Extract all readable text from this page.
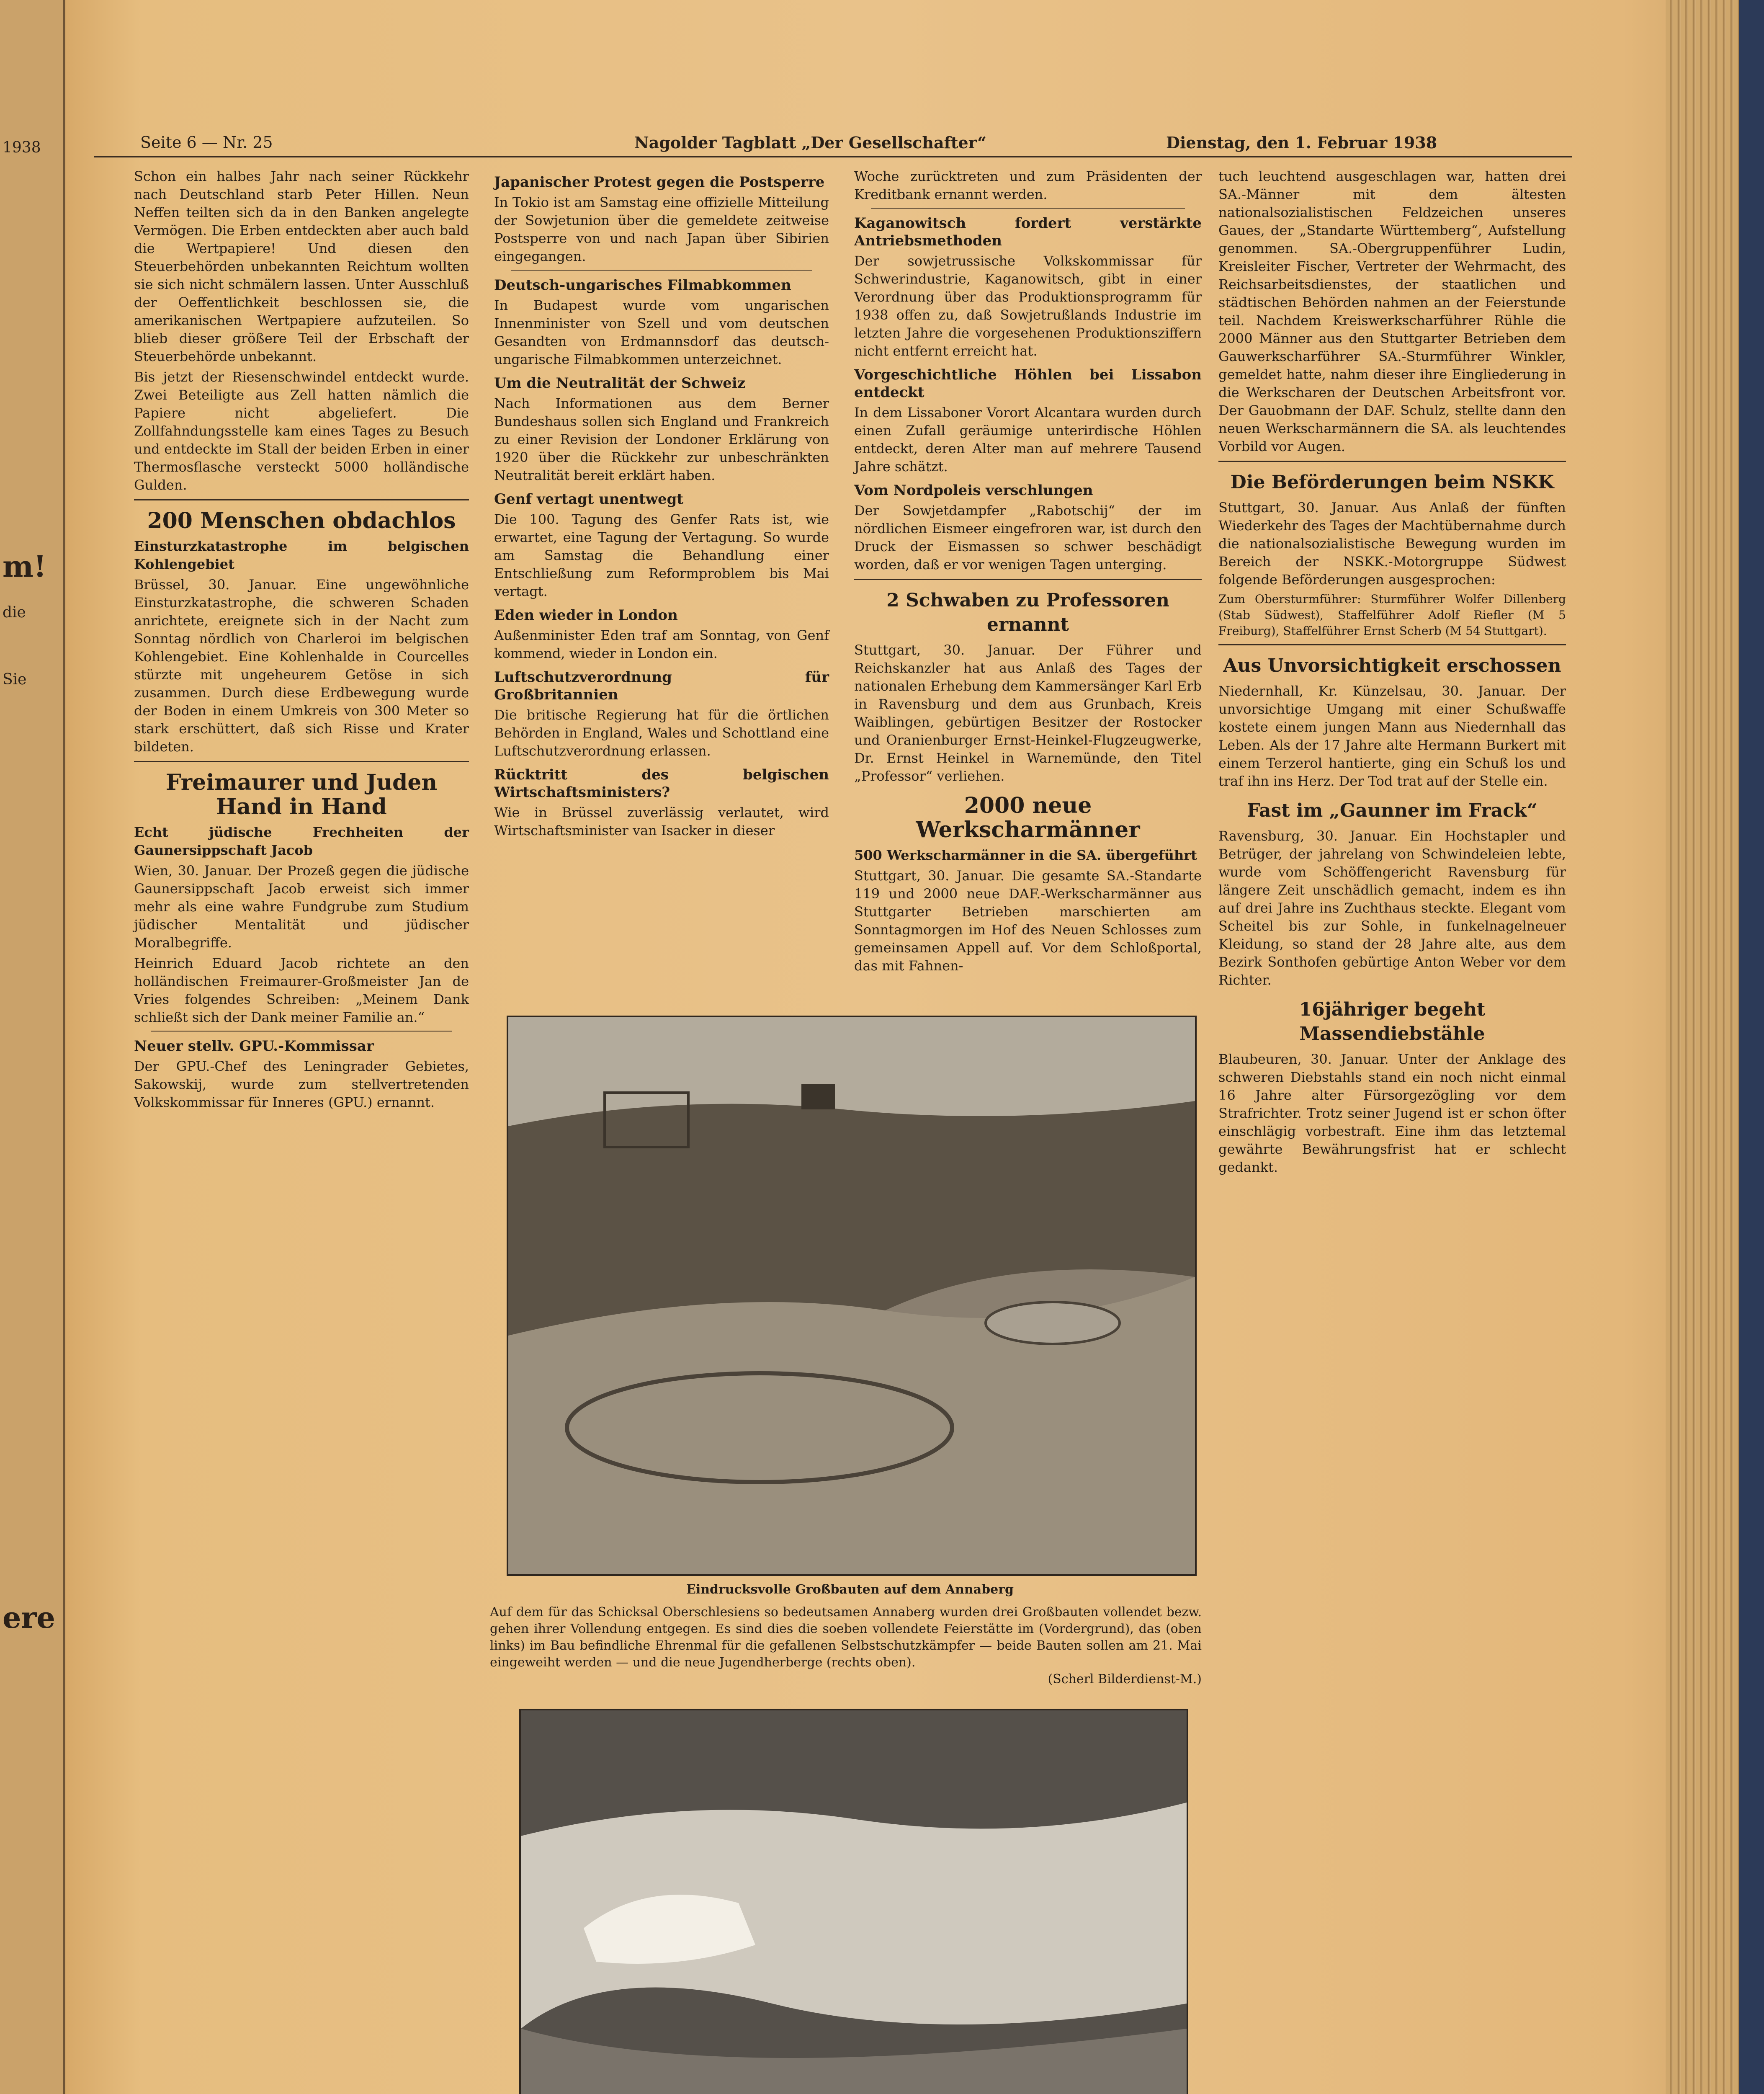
1938
die
Sie
m!
ere
Seite 6 — Nr. 25	Nagolder Tagblatt „Der Gesellschafter“	Dienstag, den 1. Februar 1938

Schon ein halbes Jahr nach seiner Rückkehr nach Deutschland starb Peter Hillen. Neun Neffen teilten sich da in den Banken angelegte Vermögen. Die Erben entdeckten aber auch bald die Wertpapiere! Und diesen den Steuerbehörden unbekannten Reichtum wollten sie sich nicht schmälern lassen. Unter Ausschluß der Oeffentlichkeit beschlossen sie, die amerikanischen Wertpapiere aufzuteilen. So blieb dieser größere Teil der Erbschaft der Steuerbehörde unbekannt.

Bis jetzt der Riesenschwindel entdeckt wurde. Zwei Beteiligte aus Zell hatten nämlich die Papiere nicht abgeliefert. Die Zollfahndungsstelle kam eines Tages zu Besuch und entdeckte im Stall der beiden Erben in einer Thermosflasche versteckt 5000 holländische Gulden.

200 Menschen obdachlos
Einsturzkatastrophe im belgischen Kohlengebiet

Brüssel, 30. Januar. Eine ungewöhnliche Einsturzkatastrophe, die schweren Schaden anrichtete, ereignete sich in der Nacht zum Sonntag nördlich von Charleroi im belgischen Kohlengebiet. Eine Kohlenhalde in Courcelles stürzte mit ungeheurem Getöse in sich zusammen. Durch diese Erdbewegung wurde der Boden in einem Umkreis von 300 Meter so stark erschüttert, daß sich Risse und Krater bildeten.

Freimaurer und Juden Hand in Hand
Echt jüdische Frechheiten der Gaunersippschaft Jacob

Wien, 30. Januar. Der Prozeß gegen die jüdische Gaunersippschaft Jacob erweist sich immer mehr als eine wahre Fundgrube zum Studium jüdischer Mentalität und jüdischer Moralbegriffe.

Heinrich Eduard Jacob richtete an den holländischen Freimaurer-Großmeister Jan de Vries folgendes Schreiben: „Meinem Dank schließt sich der Dank meiner Familie an.“

Neuer stellv. GPU.-Kommissar

Der GPU.-Chef des Leningrader Gebietes, Sakowskij, wurde zum stellvertretenden Volkskommissar für Inneres (GPU.) ernannt.

Japanischer Protest gegen die Postsperre

In Tokio ist am Samstag eine offizielle Mitteilung der Sowjetunion über die gemeldete zeitweise Postsperre von und nach Japan über Sibirien eingegangen.

Deutsch-ungarisches Filmabkommen

In Budapest wurde vom ungarischen Innenminister von Szell und vom deutschen Gesandten von Erdmannsdorf das deutsch-ungarische Filmabkommen unterzeichnet.

Um die Neutralität der Schweiz

Nach Informationen aus dem Berner Bundeshaus sollen sich England und Frankreich zu einer Revision der Londoner Erklärung von 1920 über die Rückkehr zur unbeschränkten Neutralität bereit erklärt haben.

Genf vertagt unentwegt

Die 100. Tagung des Genfer Rats ist, wie erwartet, eine Tagung der Vertagung. So wurde am Samstag die Behandlung einer Entschließung zum Reformproblem bis Mai vertagt.

Eden wieder in London

Außenminister Eden traf am Sonntag, von Genf kommend, wieder in London ein.

Luftschutzverordnung für Großbritannien

Die britische Regierung hat für die örtlichen Behörden in England, Wales und Schottland eine Luftschutzverordnung erlassen.

Rücktritt des belgischen Wirtschaftsministers?

Wie in Brüssel zuverlässig verlautet, wird Wirtschaftsminister van Isacker in dieser

Woche zurücktreten und zum Präsidenten der Kreditbank ernannt werden.

Kaganowitsch fordert verstärkte Antriebsmethoden

Der sowjetrussische Volkskommissar für Schwerindustrie, Kaganowitsch, gibt in einer Verordnung über das Produktionsprogramm für 1938 offen zu, daß Sowjetrußlands Industrie im letzten Jahre die vorgesehenen Produktionsziffern nicht entfernt erreicht hat.

Vorgeschichtliche Höhlen bei Lissabon entdeckt

In dem Lissaboner Vorort Alcantara wurden durch einen Zufall geräumige unterirdische Höhlen entdeckt, deren Alter man auf mehrere Tausend Jahre schätzt.

Vom Nordpoleis verschlungen

Der Sowjetdampfer „Rabotschij“ der im nördlichen Eismeer eingefroren war, ist durch den Druck der Eismassen so schwer beschädigt worden, daß er vor wenigen Tagen unterging.

2 Schwaben zu Professoren ernannt

Stuttgart, 30. Januar. Der Führer und Reichskanzler hat aus Anlaß des Tages der nationalen Erhebung dem Kammersänger Karl Erb in Ravensburg und dem aus Grunbach, Kreis Waiblingen, gebürtigen Besitzer der Rostocker und Oranienburger Ernst-Heinkel-Flugzeugwerke, Dr. Ernst Heinkel in Warnemünde, den Titel „Professor“ verliehen.

2000 neue Werkscharmänner
500 Werkscharmänner in die SA. übergeführt

Stuttgart, 30. Januar. Die gesamte SA.-Standarte 119 und 2000 neue DAF.-Werkscharmänner aus Stuttgarter Betrieben marschierten am Sonntagmorgen im Hof des Neuen Schlosses zum gemeinsamen Appell auf. Vor dem Schloßportal, das mit Fahnen-

Eindrucksvolle Großbauten auf dem Annaberg
Auf dem für das Schicksal Oberschlesiens so bedeutsamen Annaberg wurden drei Großbauten vollendet bezw. gehen ihrer Vollendung entgegen. Es sind dies die soeben vollendete Feierstätte im (Vordergrund), das (oben links) im Bau befindliche Ehrenmal für die gefallenen Selbstschutzkämpfer — beide Bauten sollen am 21. Mai eingeweiht werden — und die neue Jugendherberge (rechts oben).
(Scherl Bilderdienst-M.)

tuch leuchtend ausgeschlagen war, hatten drei SA.-Männer mit dem ältesten nationalsozialistischen Feldzeichen unseres Gaues, der „Standarte Württemberg“, Aufstellung genommen. SA.-Obergruppenführer Ludin, Kreisleiter Fischer, Vertreter der Wehrmacht, des Reichsarbeitsdienstes, der staatlichen und städtischen Behörden nahmen an der Feierstunde teil. Nachdem Kreiswerkscharführer Rühle die 2000 Männer aus den Stuttgarter Betrieben dem Gauwerkscharführer SA.-Sturmführer Winkler, gemeldet hatte, nahm dieser ihre Eingliederung in die Werkscharen der Deutschen Arbeitsfront vor. Der Gauobmann der DAF. Schulz, stellte dann den neuen Werkscharmännern die SA. als leuchtendes Vorbild vor Augen.

Die Beförderungen beim NSKK

Stuttgart, 30. Januar. Aus Anlaß der fünften Wiederkehr des Tages der Machtübernahme durch die nationalsozialistische Bewegung wurden im Bereich der NSKK.-Motorgruppe Südwest folgende Beförderungen ausgesprochen:

Zum Obersturmführer: Sturmführer Wolfer Dillenberg (Stab Südwest), Staffelführer Adolf Riefler (M 5 Freiburg), Staffelführer Ernst Scherb (M 54 Stuttgart).

Aus Unvorsichtigkeit erschossen

Niedernhall, Kr. Künzelsau, 30. Januar. Der unvorsichtige Umgang mit einer Schußwaffe kostete einem jungen Mann aus Niedernhall das Leben. Als der 17 Jahre alte Hermann Burkert mit einem Terzerol hantierte, ging ein Schuß los und traf ihn ins Herz. Der Tod trat auf der Stelle ein.

Fast im „Gaunner im Frack“

Ravensburg, 30. Januar. Ein Hochstapler und Betrüger, der jahrelang von Schwindeleien lebte, wurde vom Schöffengericht Ravensburg für längere Zeit unschädlich gemacht, indem es ihn auf drei Jahre ins Zuchthaus steckte. Elegant vom Scheitel bis zur Sohle, in funkelnagelneuer Kleidung, so stand der 28 Jahre alte, aus dem Bezirk Sonthofen gebürtige Anton Weber vor dem Richter.

16jähriger begeht Massendiebstähle

Blaubeuren, 30. Januar. Unter der Anklage des schweren Diebstahls stand ein noch nicht einmal 16 Jahre alter Fürsorgezögling vor dem Strafrichter. Trotz seiner Jugend ist er schon öfter einschlägig vorbestraft. Eine ihm das letztemal gewährte Bewährungsfrist hat er schlecht gedankt.
